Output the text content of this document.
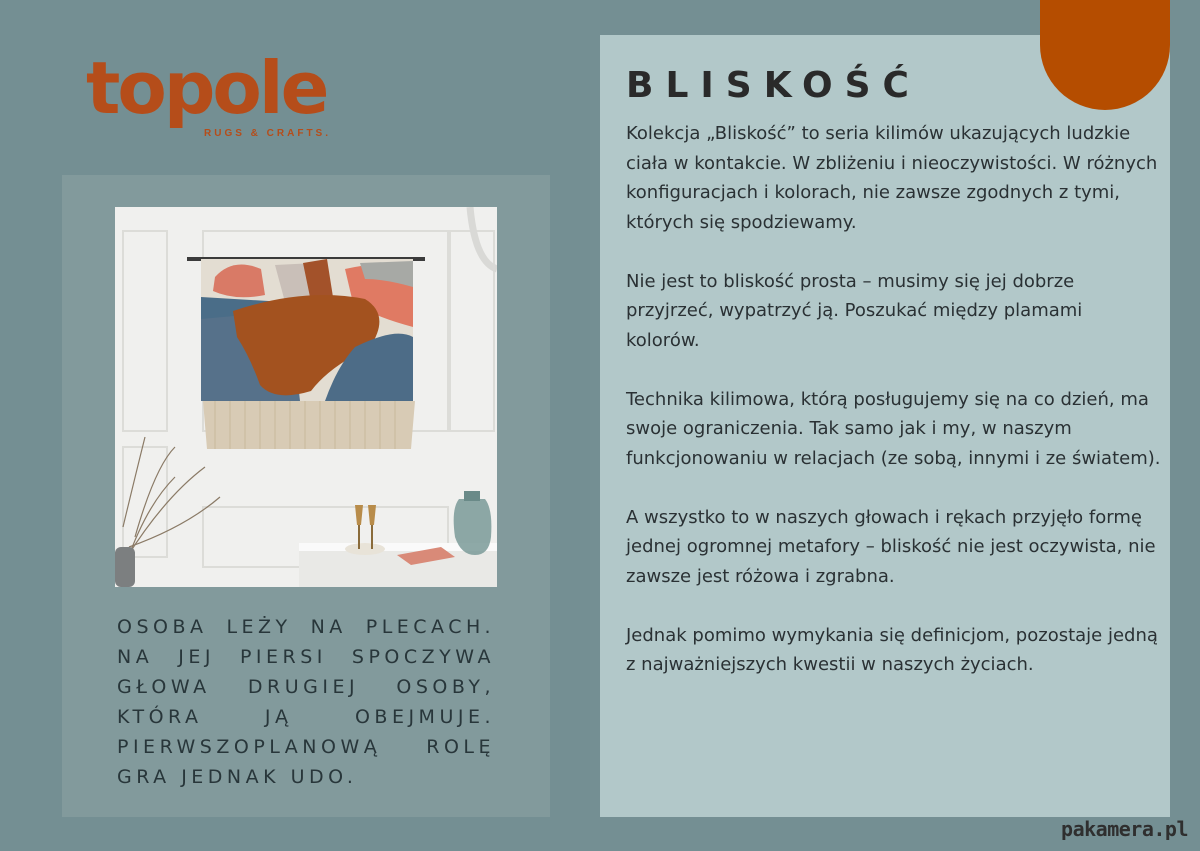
topole
RUGS & CRAFTS.
OSOBA LEŻY NA PLECACH. NA JEJ PIERSI SPOCZYWA GŁOWA DRUGIEJ OSOBY, KTÓRA JĄ OBEJMUJE. PIERWSZOPLANOWĄ ROLĘ GRA JEDNAK UDO.
BLISKOŚĆ

Kolekcja „Bliskość” to seria kilimów ukazujących ludzkie ciała w kontakcie. W zbliżeniu i nieoczywistości. W różnych konfiguracjach i kolorach, nie zawsze zgodnych z tymi, których się spodziewamy.

Nie jest to bliskość prosta – musimy się jej dobrze przyjrzeć, wypatrzyć ją. Poszukać między plamami kolorów.

Technika kilimowa, którą posługujemy się na co dzień, ma swoje ograniczenia. Tak samo jak i my, w naszym funkcjonowaniu w relacjach (ze sobą, innymi i ze światem).

A wszystko to w naszych głowach i rękach przyjęło formę jednej ogromnej metafory – bliskość nie jest oczywista, nie zawsze jest różowa i zgrabna.

Jednak pomimo wymykania się definicjom, pozostaje jedną z najważniejszych kwestii w naszych życiach.

pakamera.pl
